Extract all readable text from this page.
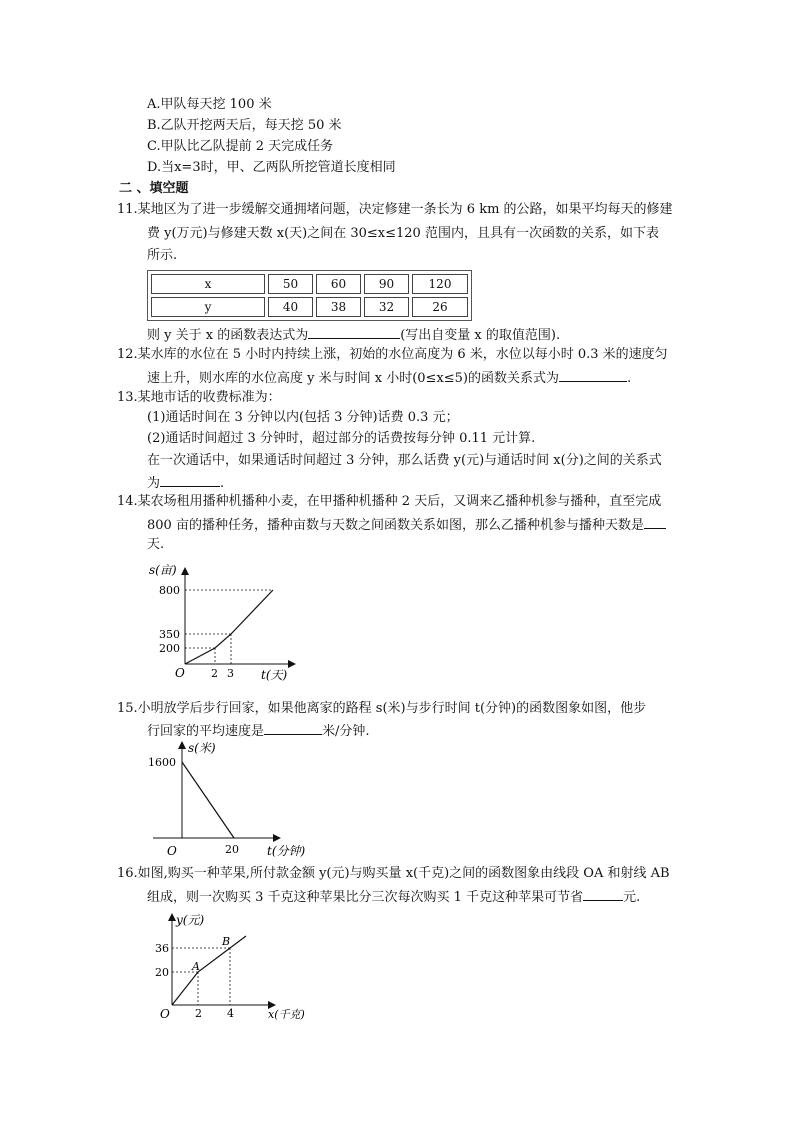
A.甲队每天挖 100 米
B.乙队开挖两天后，每天挖 50 米
C.甲队比乙队提前 2 天完成任务
D.当x=3时，甲、乙两队所挖管道长度相同
二 、填空题
11.某地区为了进一步缓解交通拥堵问题，决定修建一条长为 6 km 的公路，如果平均每天的修建
费 y(万元)与修建天数 x(天)之间在 30≤x≤120 范围内，且具有一次函数的关系，如下表
所示.
x	50	60	90	120
y	40	38	32	26
则 y 关于 x 的函数表达式为	(写出自变量 x 的取值范围).
12.某水库的水位在 5 小时内持续上涨，初始的水位高度为 6 米，水位以每小时 0.3 米的速度匀
速上升，则水库的水位高度 y 米与时间 x 小时(0≤x≤5)的函数关系式为	.
13.某地市话的收费标准为：
(1)通话时间在 3 分钟以内(包括 3 分钟)话费 0.3 元；
(2)通话时间超过 3 分钟时，超过部分的话费按每分钟 0.11 元计算.
在一次通话中，如果通话时间超过 3 分钟，那么话费 y(元)与通话时间 x(分)之间的关系式
为	.
14.某农场租用播种机播种小麦，在甲播种机播种 2 天后，又调来乙播种机参与播种，直至完成
800 亩的播种任务，播种亩数与天数之间函数关系如图，那么乙播种机参与播种天数是
天.
s(亩)
t(天)
O
800
350
200
2 3
15.小明放学后步行回家，如果他离家的路程 s(米)与步行时间 t(分钟)的函数图象如图，他步
行回家的平均速度是	米/分钟.
s(米)
1600
O	20 t(分钟)
16.如图,购买一种苹果,所付款金额 y(元)与购买量 x(千克)之间的函数图象由线段 OA 和射线 AB
组成，则一次购买 3 千克这种苹果比分三次每次购买 1 千克这种苹果可节省	元.
y(元)
36
20 A
B
O 2 4	x(千克)
